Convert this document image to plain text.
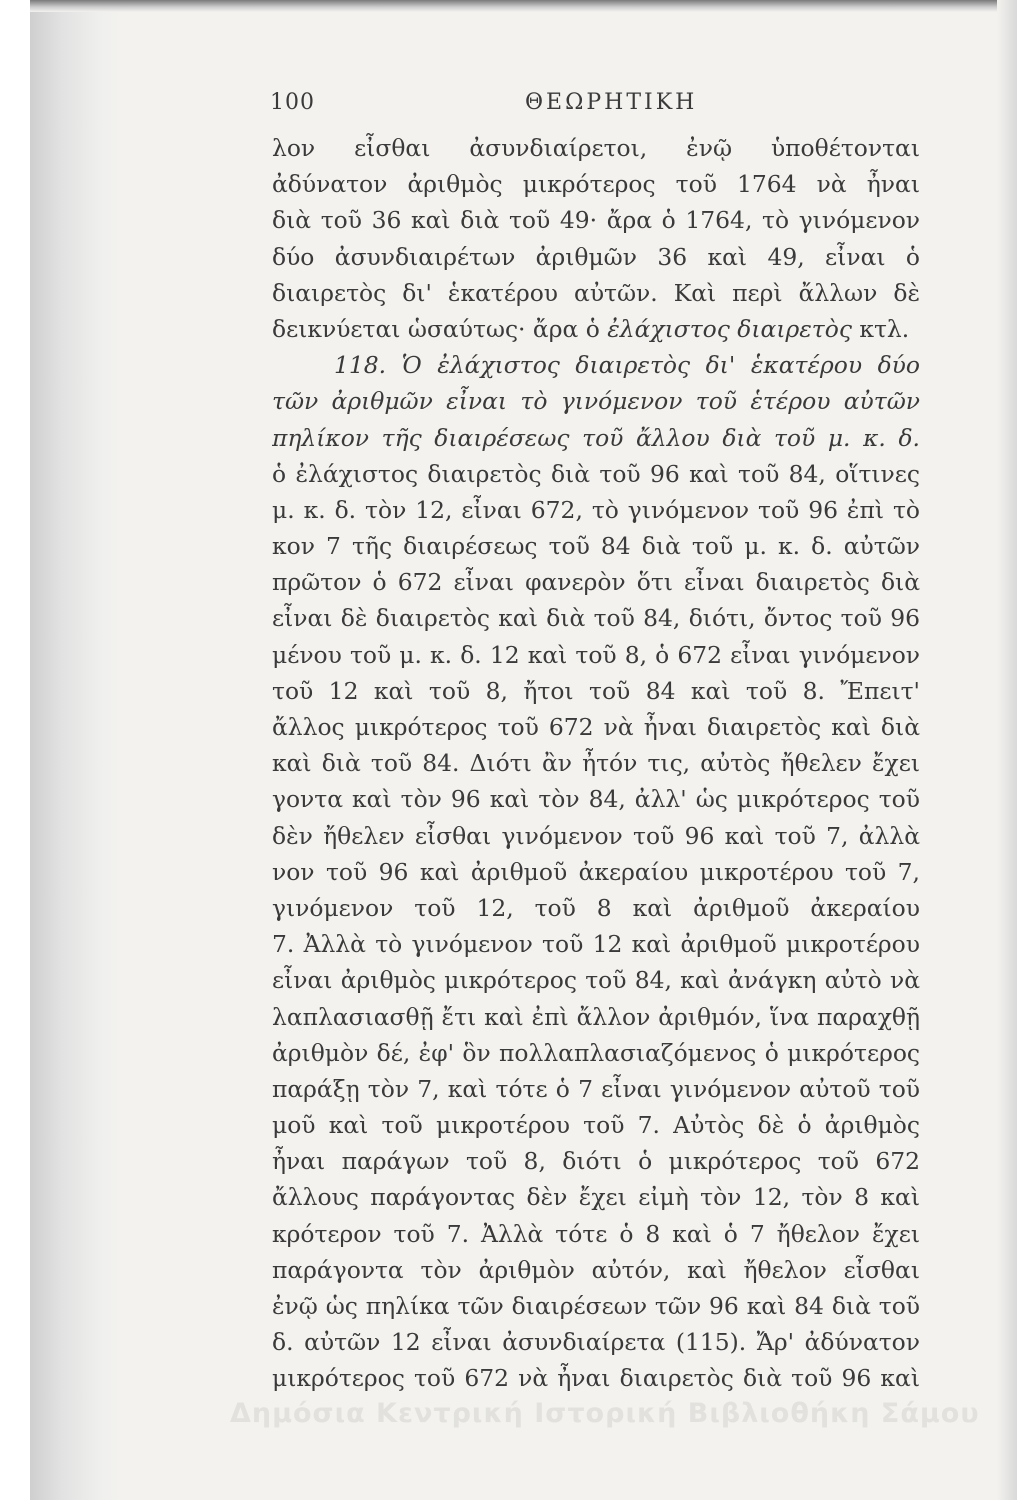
100	ΘΕΩΡΗΤΙΚΗ
λον εἶσθαι ἀσυνδιαίρετοι, ἐνῷ ὑποθέτονται
ἀδύνατον ἀριθμὸς μικρότερος τοῦ 1764 νὰ ἦναι
διὰ τοῦ 36 καὶ διὰ τοῦ 49· ἄρα ὁ 1764, τὸ γινόμενον
δύο ἀσυνδιαιρέτων ἀριθμῶν 36 καὶ 49, εἶναι ὁ
διαιρετὸς δι' ἑκατέρου αὐτῶν. Καὶ περὶ ἄλλων δὲ
δεικνύεται ὡσαύτως· ἄρα ὁ ἐλάχιστος διαιρετὸς κτλ.
118. Ὁ ἐλάχιστος διαιρετὸς δι' ἑκατέρου δύο
τῶν ἀριθμῶν εἶναι τὸ γινόμενον τοῦ ἑτέρου αὐτῶν
πηλίκον τῆς διαιρέσεως τοῦ ἄλλου διὰ τοῦ μ. κ. δ.
ὁ ἐλάχιστος διαιρετὸς διὰ τοῦ 96 καὶ τοῦ 84, οἵτινες
μ. κ. δ. τὸν 12, εἶναι 672, τὸ γινόμενον τοῦ 96 ἐπὶ τὸ
κον 7 τῆς διαιρέσεως τοῦ 84 διὰ τοῦ μ. κ. δ. αὐτῶν
πρῶτον ὁ 672 εἶναι φανερὸν ὅτι εἶναι διαιρετὸς διὰ
εἶναι δὲ διαιρετὸς καὶ διὰ τοῦ 84, διότι, ὄντος τοῦ 96
μένου τοῦ μ. κ. δ. 12 καὶ τοῦ 8, ὁ 672 εἶναι γινόμενον
τοῦ 12 καὶ τοῦ 8, ἤτοι τοῦ 84 καὶ τοῦ 8. Ἔπειτ'
ἄλλος μικρότερος τοῦ 672 νὰ ἦναι διαιρετὸς καὶ διὰ
καὶ διὰ τοῦ 84. Διότι ἂν ἦτόν τις, αὐτὸς ἤθελεν ἔχει
γοντα καὶ τὸν 96 καὶ τὸν 84, ἀλλ' ὡς μικρότερος τοῦ
δὲν ἤθελεν εἶσθαι γινόμενον τοῦ 96 καὶ τοῦ 7, ἀλλὰ
νον τοῦ 96 καὶ ἀριθμοῦ ἀκεραίου μικροτέρου τοῦ 7,
γινόμενον τοῦ 12, τοῦ 8 καὶ ἀριθμοῦ ἀκεραίου
7. Ἀλλὰ τὸ γινόμενον τοῦ 12 καὶ ἀριθμοῦ μικροτέρου
εἶναι ἀριθμὸς μικρότερος τοῦ 84, καὶ ἀνάγκη αὐτὸ νὰ
λαπλασιασθῇ ἔτι καὶ ἐπὶ ἄλλον ἀριθμόν, ἵνα παραχθῇ
ἀριθμὸν δέ, ἐφ' ὃν πολλαπλασιαζόμενος ὁ μικρότερος
παράξῃ τὸν 7, καὶ τότε ὁ 7 εἶναι γινόμενον αὐτοῦ τοῦ
μοῦ καὶ τοῦ μικροτέρου τοῦ 7. Αὐτὸς δὲ ὁ ἀριθμὸς
ἦναι παράγων τοῦ 8, διότι ὁ μικρότερος τοῦ 672
ἄλλους παράγοντας δὲν ἔχει εἰμὴ τὸν 12, τὸν 8 καὶ
κρότερον τοῦ 7. Ἀλλὰ τότε ὁ 8 καὶ ὁ 7 ἤθελον ἔχει
παράγοντα τὸν ἀριθμὸν αὐτόν, καὶ ἤθελον εἶσθαι
ἐνῷ ὡς πηλίκα τῶν διαιρέσεων τῶν 96 καὶ 84 διὰ τοῦ
δ. αὐτῶν 12 εἶναι ἀσυνδιαίρετα (115). Ἄρ' ἀδύνατον
μικρότερος τοῦ 672 νὰ ἦναι διαιρετὸς διὰ τοῦ 96 καὶ
Δημόσια Κεντρική Ιστορική Βιβλιοθήκη Σάμου
